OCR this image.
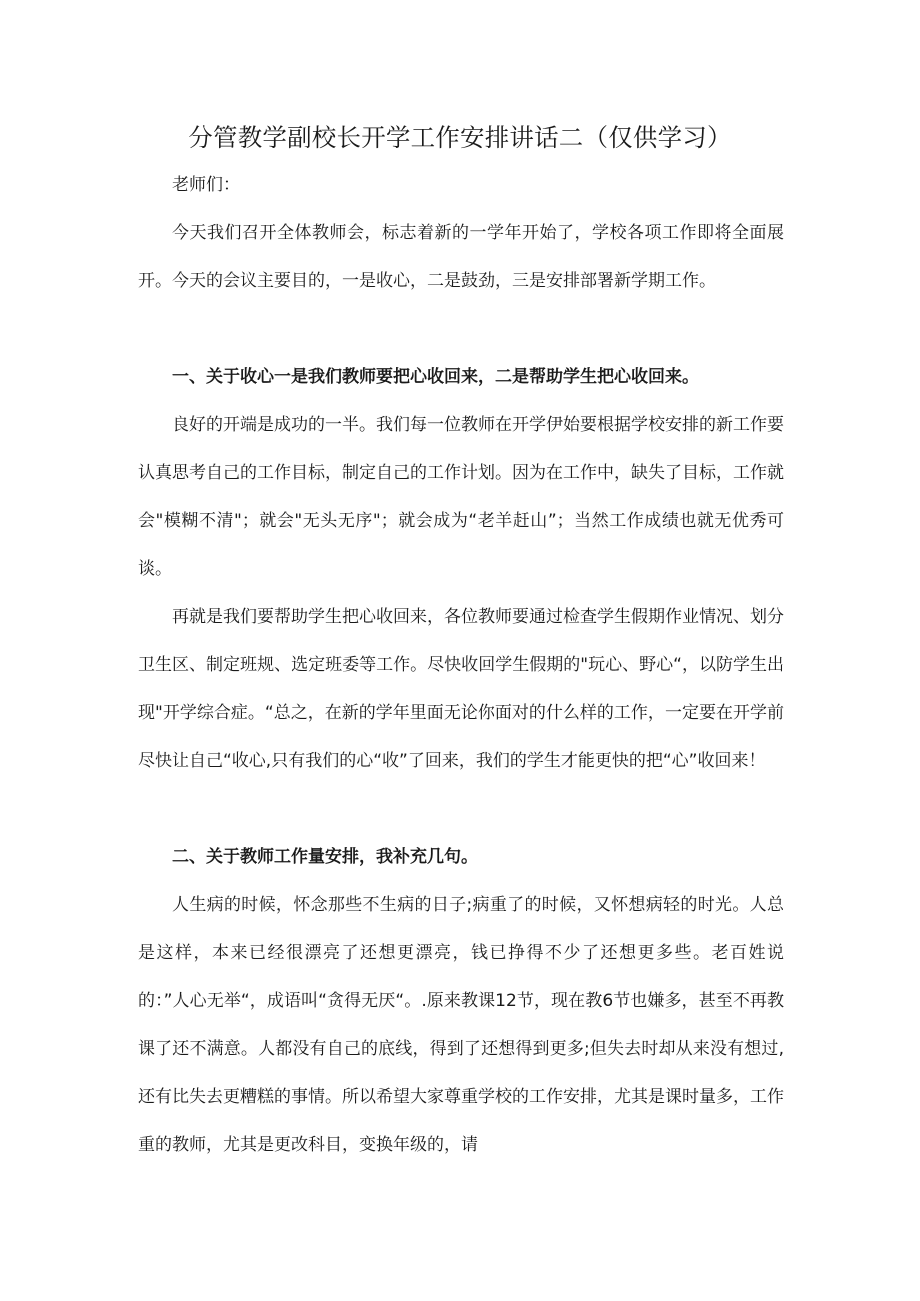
分管教学副校长开学工作安排讲话二（仅供学习）

老师们：

今天我们召开全体教师会，标志着新的一学年开始了，学校各项工作即将全面展开。今天的会议主要目的，一是收心，二是鼓劲，三是安排部署新学期工作。

一、关于收心一是我们教师要把心收回来，二是帮助学生把心收回来。

良好的开端是成功的一半。我们每一位教师在开学伊始要根据学校安排的新工作要认真思考自己的工作目标，制定自己的工作计划。因为在工作中，缺失了目标，工作就会"模糊不清"；就会"无头无序"；就会成为“老羊赶山”；当然工作成绩也就无优秀可谈。

再就是我们要帮助学生把心收回来，各位教师要通过检查学生假期作业情况、划分卫生区、制定班规、选定班委等工作。尽快收回学生假期的"玩心、野心“，以防学生出现"开学综合症。“总之，在新的学年里面无论你面对的什么样的工作，一定要在开学前尽快让自己“收心,只有我们的心“收”了回来，我们的学生才能更快的把“心”收回来！

二、关于教师工作量安排，我补充几句。

人生病的时候，怀念那些不生病的日子;病重了的时候，又怀想病轻的时光。人总是这样，本来已经很漂亮了还想更漂亮，钱已挣得不少了还想更多些。老百姓说的：”人心无举“，成语叫“贪得无厌“。.原来教课12节，现在教6节也嫌多，甚至不再教课了还不满意。人都没有自己的底线，得到了还想得到更多;但失去时却从来没有想过,还有比失去更糟糕的事情。所以希望大家尊重学校的工作安排，尤其是课时量多，工作重的教师，尤其是更改科目，变换年级的，请
